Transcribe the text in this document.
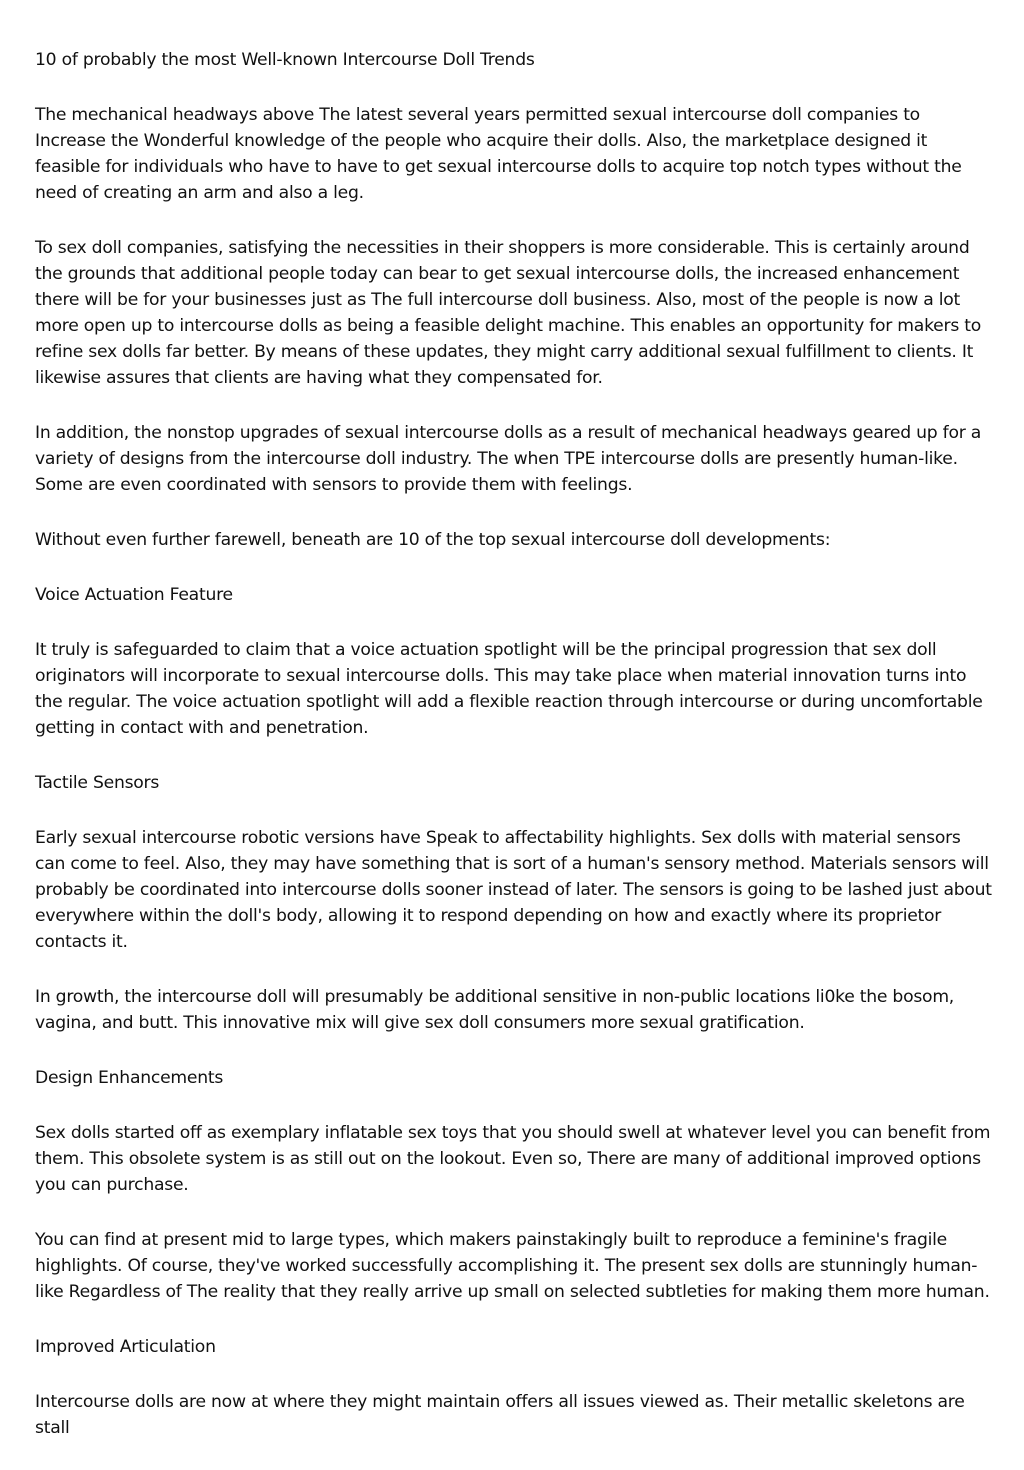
10 of probably the most Well-known Intercourse Doll Trends

The mechanical headways above The latest several years permitted sexual intercourse doll companies to Increase the Wonderful knowledge of the people who acquire their dolls. Also, the marketplace designed it feasible for individuals who have to have to get sexual intercourse dolls to acquire top notch types without the need of creating an arm and also a leg.

To sex doll companies, satisfying the necessities in their shoppers is more considerable. This is certainly around the grounds that additional people today can bear to get sexual intercourse dolls, the increased enhancement there will be for your businesses just as The full intercourse doll business. Also, most of the people is now a lot more open up to intercourse dolls as being a feasible delight machine. This enables an opportunity for makers to refine sex dolls far better. By means of these updates, they might carry additional sexual fulfillment to clients. It likewise assures that clients are having what they compensated for.

In addition, the nonstop upgrades of sexual intercourse dolls as a result of mechanical headways geared up for a variety of designs from the intercourse doll industry. The when TPE intercourse dolls are presently human-like. Some are even coordinated with sensors to provide them with feelings.

Without even further farewell, beneath are 10 of the top sexual intercourse doll developments:

Voice Actuation Feature

It truly is safeguarded to claim that a voice actuation spotlight will be the principal progression that sex doll originators will incorporate to sexual intercourse dolls. This may take place when material innovation turns into the regular. The voice actuation spotlight will add a flexible reaction through intercourse or during uncomfortable getting in contact with and penetration.

Tactile Sensors

Early sexual intercourse robotic versions have Speak to affectability highlights. Sex dolls with material sensors can come to feel. Also, they may have something that is sort of a human's sensory method. Materials sensors will probably be coordinated into intercourse dolls sooner instead of later. The sensors is going to be lashed just about everywhere within the doll's body, allowing it to respond depending on how and exactly where its proprietor contacts it.

In growth, the intercourse doll will presumably be additional sensitive in non-public locations li0ke the bosom, vagina, and butt. This innovative mix will give sex doll consumers more sexual gratification.

Design Enhancements

Sex dolls started off as exemplary inflatable sex toys that you should swell at whatever level you can benefit from them. This obsolete system is as still out on the lookout. Even so, There are many of additional improved options you can purchase.

You can find at present mid to large types, which makers painstakingly built to reproduce a feminine's fragile highlights. Of course, they've worked successfully accomplishing it. The present sex dolls are stunningly human-like Regardless of The reality that they really arrive up small on selected subtleties for making them more human.

Improved Articulation

Intercourse dolls are now at where they might maintain offers all issues viewed as. Their metallic skeletons are stall
